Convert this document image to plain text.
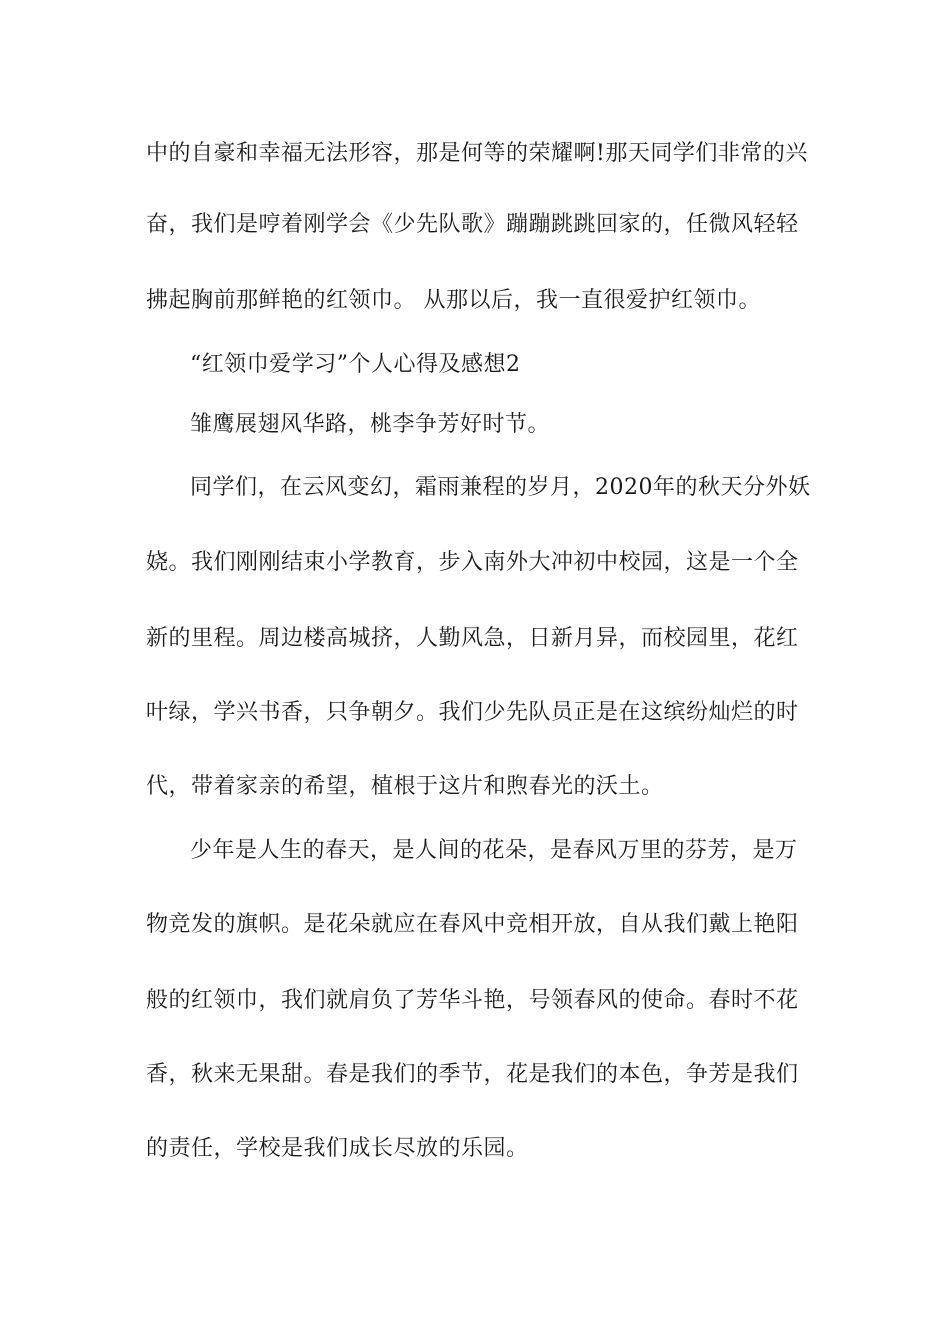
中的自豪和幸福无法形容，那是何等的荣耀啊!那天同学们非常的兴
奋，我们是哼着刚学会《少先队歌》蹦蹦跳跳回家的，任微风轻轻
拂起胸前那鲜艳的红领巾。 从那以后，我一直很爱护红领巾。
“红领巾爱学习”个人心得及感想2
雏鹰展翅风华路，桃李争芳好时节。
同学们，在云风变幻，霜雨兼程的岁月，2020年的秋天分外妖
娆。我们刚刚结束小学教育，步入南外大冲初中校园，这是一个全
新的里程。周边楼高城挤，人勤风急，日新月异，而校园里，花红
叶绿，学兴书香，只争朝夕。我们少先队员正是在这缤纷灿烂的时
代，带着家亲的希望，植根于这片和煦春光的沃土。
少年是人生的春天，是人间的花朵，是春风万里的芬芳，是万
物竞发的旗帜。是花朵就应在春风中竞相开放，自从我们戴上艳阳
般的红领巾，我们就肩负了芳华斗艳，号领春风的使命。春时不花
香，秋来无果甜。春是我们的季节，花是我们的本色，争芳是我们
的责任，学校是我们成长尽放的乐园。
